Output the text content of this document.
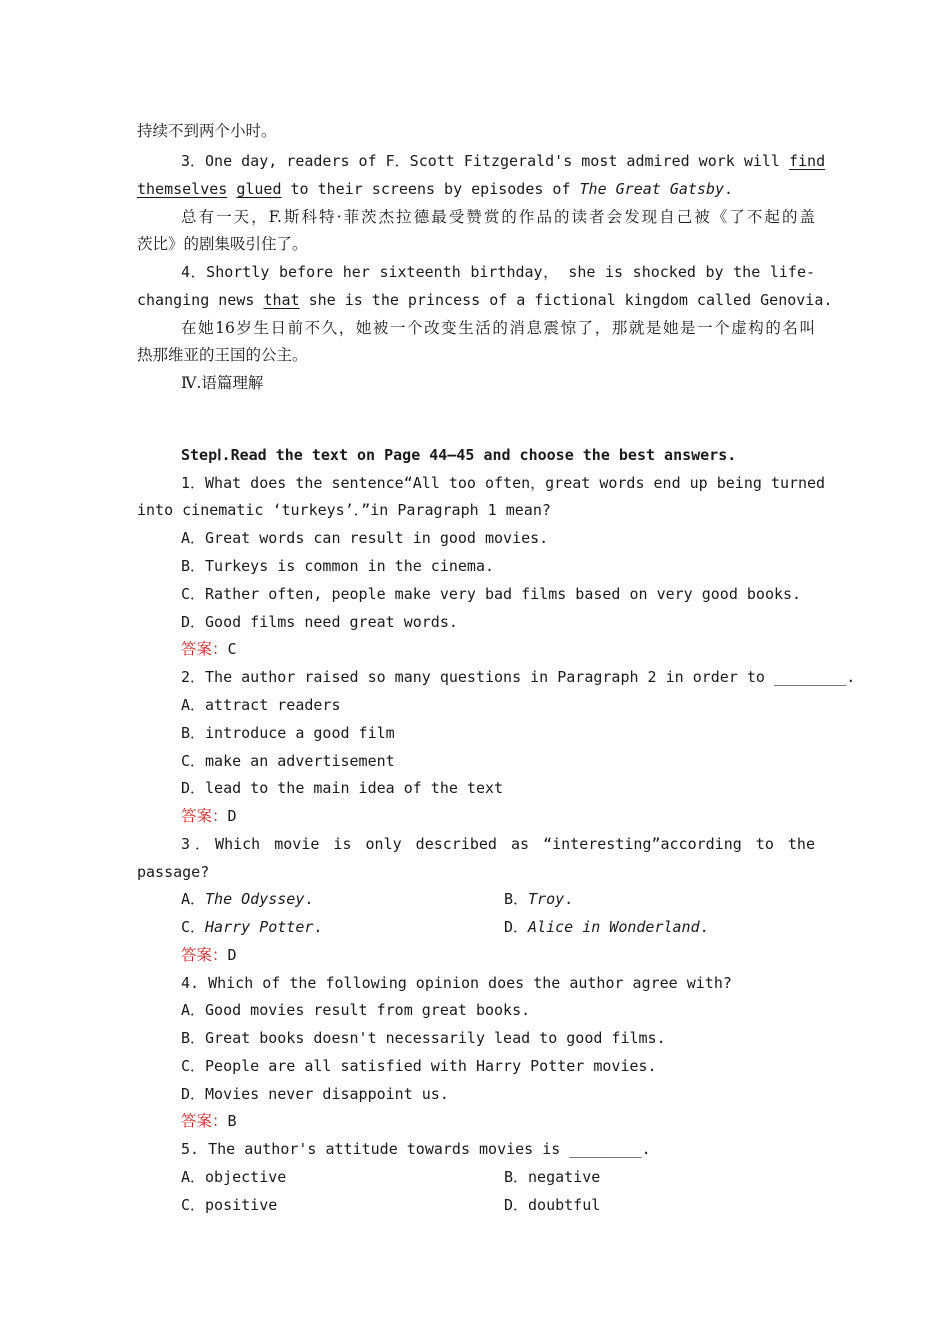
持续不到两个小时。
3．One day, readers of F．Scott Fitzgerald's most admired work will find
themselves glued to their screens by episodes of The Great Gatsby.
总有一天，F.斯科特·菲茨杰拉德最受赞赏的作品的读者会发现自己被《了不起的盖
茨比》的剧集吸引住了。
4．Shortly before her sixteenth birthday， she is shocked by the life-
changing news that she is the princess of a fictional kingdom called Genovia.
在她16岁生日前不久，她被一个改变生活的消息震惊了，那就是她是一个虚构的名叫
热那维亚的王国的公主。
Ⅳ.语篇理解
StepⅠ.Read the text on Page 44—45 and choose the best answers.
1．What does the sentence“All too often，great words end up being turned
into cinematic ‘turkeys’．”in Paragraph 1 mean?
A．Great words can result in good movies.
B．Turkeys is common in the cinema.
C．Rather often, people make very bad films based on very good books.
D．Good films need great words.
答案：C
2．The author raised so many questions in Paragraph 2 in order to ________.
A．attract readers
B．introduce a good film
C．make an advertisement
D．lead to the main idea of the text
答案：D
3．Which movie is only described as “interesting”according to the
passage?
A．The Odyssey.	B．Troy.
C．Harry Potter.	D．Alice in Wonderland.
答案：D
4. Which of the following opinion does the author agree with?
A．Good movies result from great books.
B．Great books doesn't necessarily lead to good films.
C．People are all satisfied with Harry Potter movies.
D．Movies never disappoint us.
答案：B
5. The author's attitude towards movies is ________.
A．objective	B．negative
C．positive	D．doubtful
